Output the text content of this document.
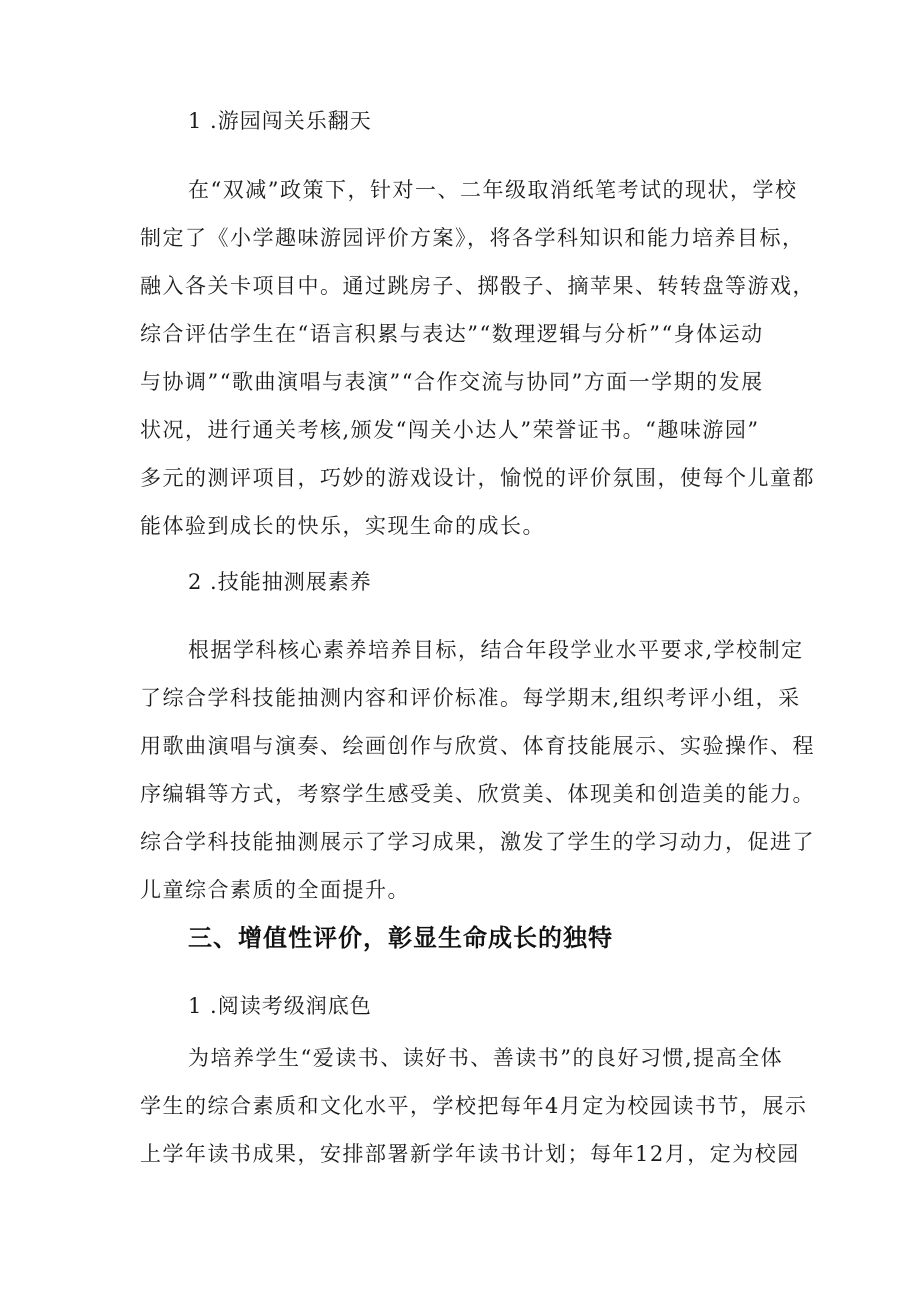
1 .游园闯关乐翻天
在“双减”政策下，针对一、二年级取消纸笔考试的现状，学校
制定了《小学趣味游园评价方案》，将各学科知识和能力培养目标，
融入各关卡项目中。通过跳房子、掷骰子、摘苹果、转转盘等游戏，
综合评估学生在“语言积累与表达”“数理逻辑与分析”“身体运动
与协调”“歌曲演唱与表演”“合作交流与协同”方面一学期的发展
状况，进行通关考核,颁发“闯关小达人”荣誉证书。“趣味游园”
多元的测评项目，巧妙的游戏设计，愉悦的评价氛围，使每个儿童都
能体验到成长的快乐，实现生命的成长。
2 .技能抽测展素养
根据学科核心素养培养目标，结合年段学业水平要求,学校制定
了综合学科技能抽测内容和评价标准。每学期末,组织考评小组，采
用歌曲演唱与演奏、绘画创作与欣赏、体育技能展示、实验操作、程
序编辑等方式，考察学生感受美、欣赏美、体现美和创造美的能力。
综合学科技能抽测展示了学习成果，激发了学生的学习动力，促进了
儿童综合素质的全面提升。
三、增值性评价，彰显生命成长的独特
1 .阅读考级润底色
为培养学生“爱读书、读好书、善读书”的良好习惯,提高全体
学生的综合素质和文化水平，学校把每年4月定为校园读书节，展示
上学年读书成果，安排部署新学年读书计划；每年12月，定为校园
